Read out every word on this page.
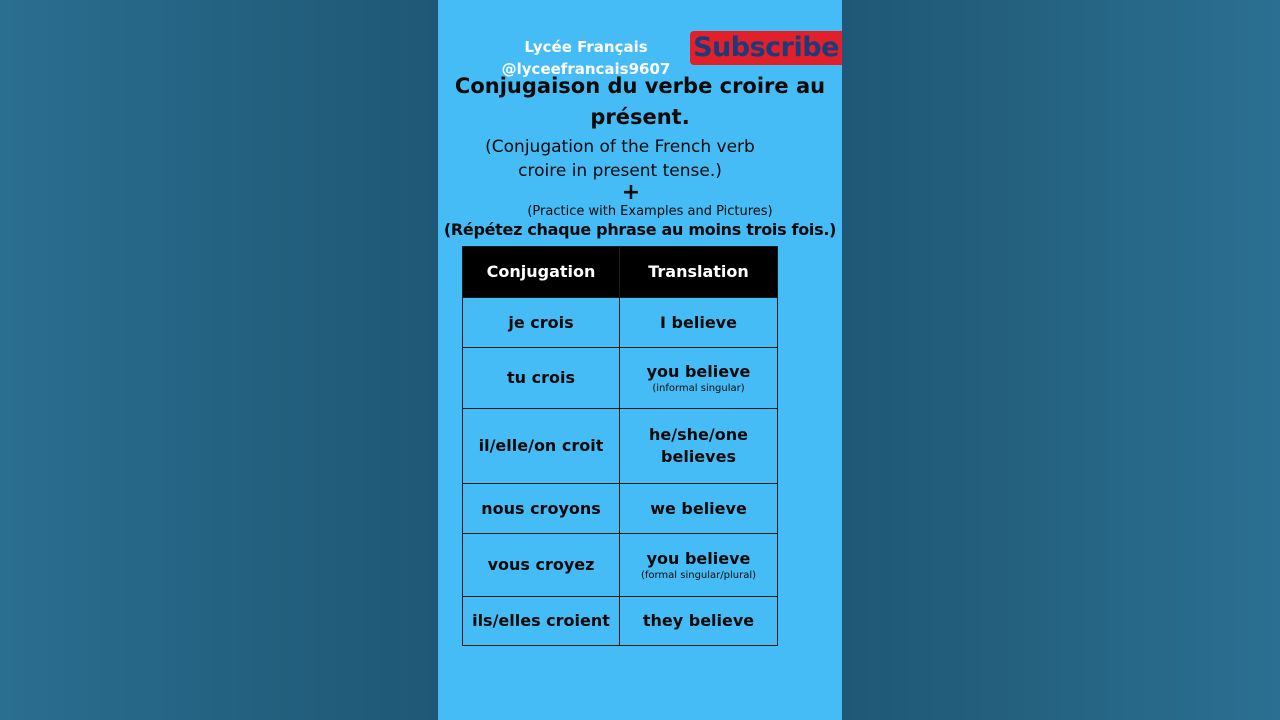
Lycée Français
@lyceefrancais9607
Subscribe
Conjugaison du verbe croire au présent.
(Conjugation of the French verb croire in present tense.)
+
(Practice with Examples and Pictures)
(Répétez chaque phrase au moins trois fois.)
Conjugation	Translation
je crois	I believe
tu crois	you believe
(informal singular)

il/elle/on croit	he/she/one believes
nous croyons	we believe
vous croyez	you believe
(formal singular/plural)

ils/elles croient	they believe
